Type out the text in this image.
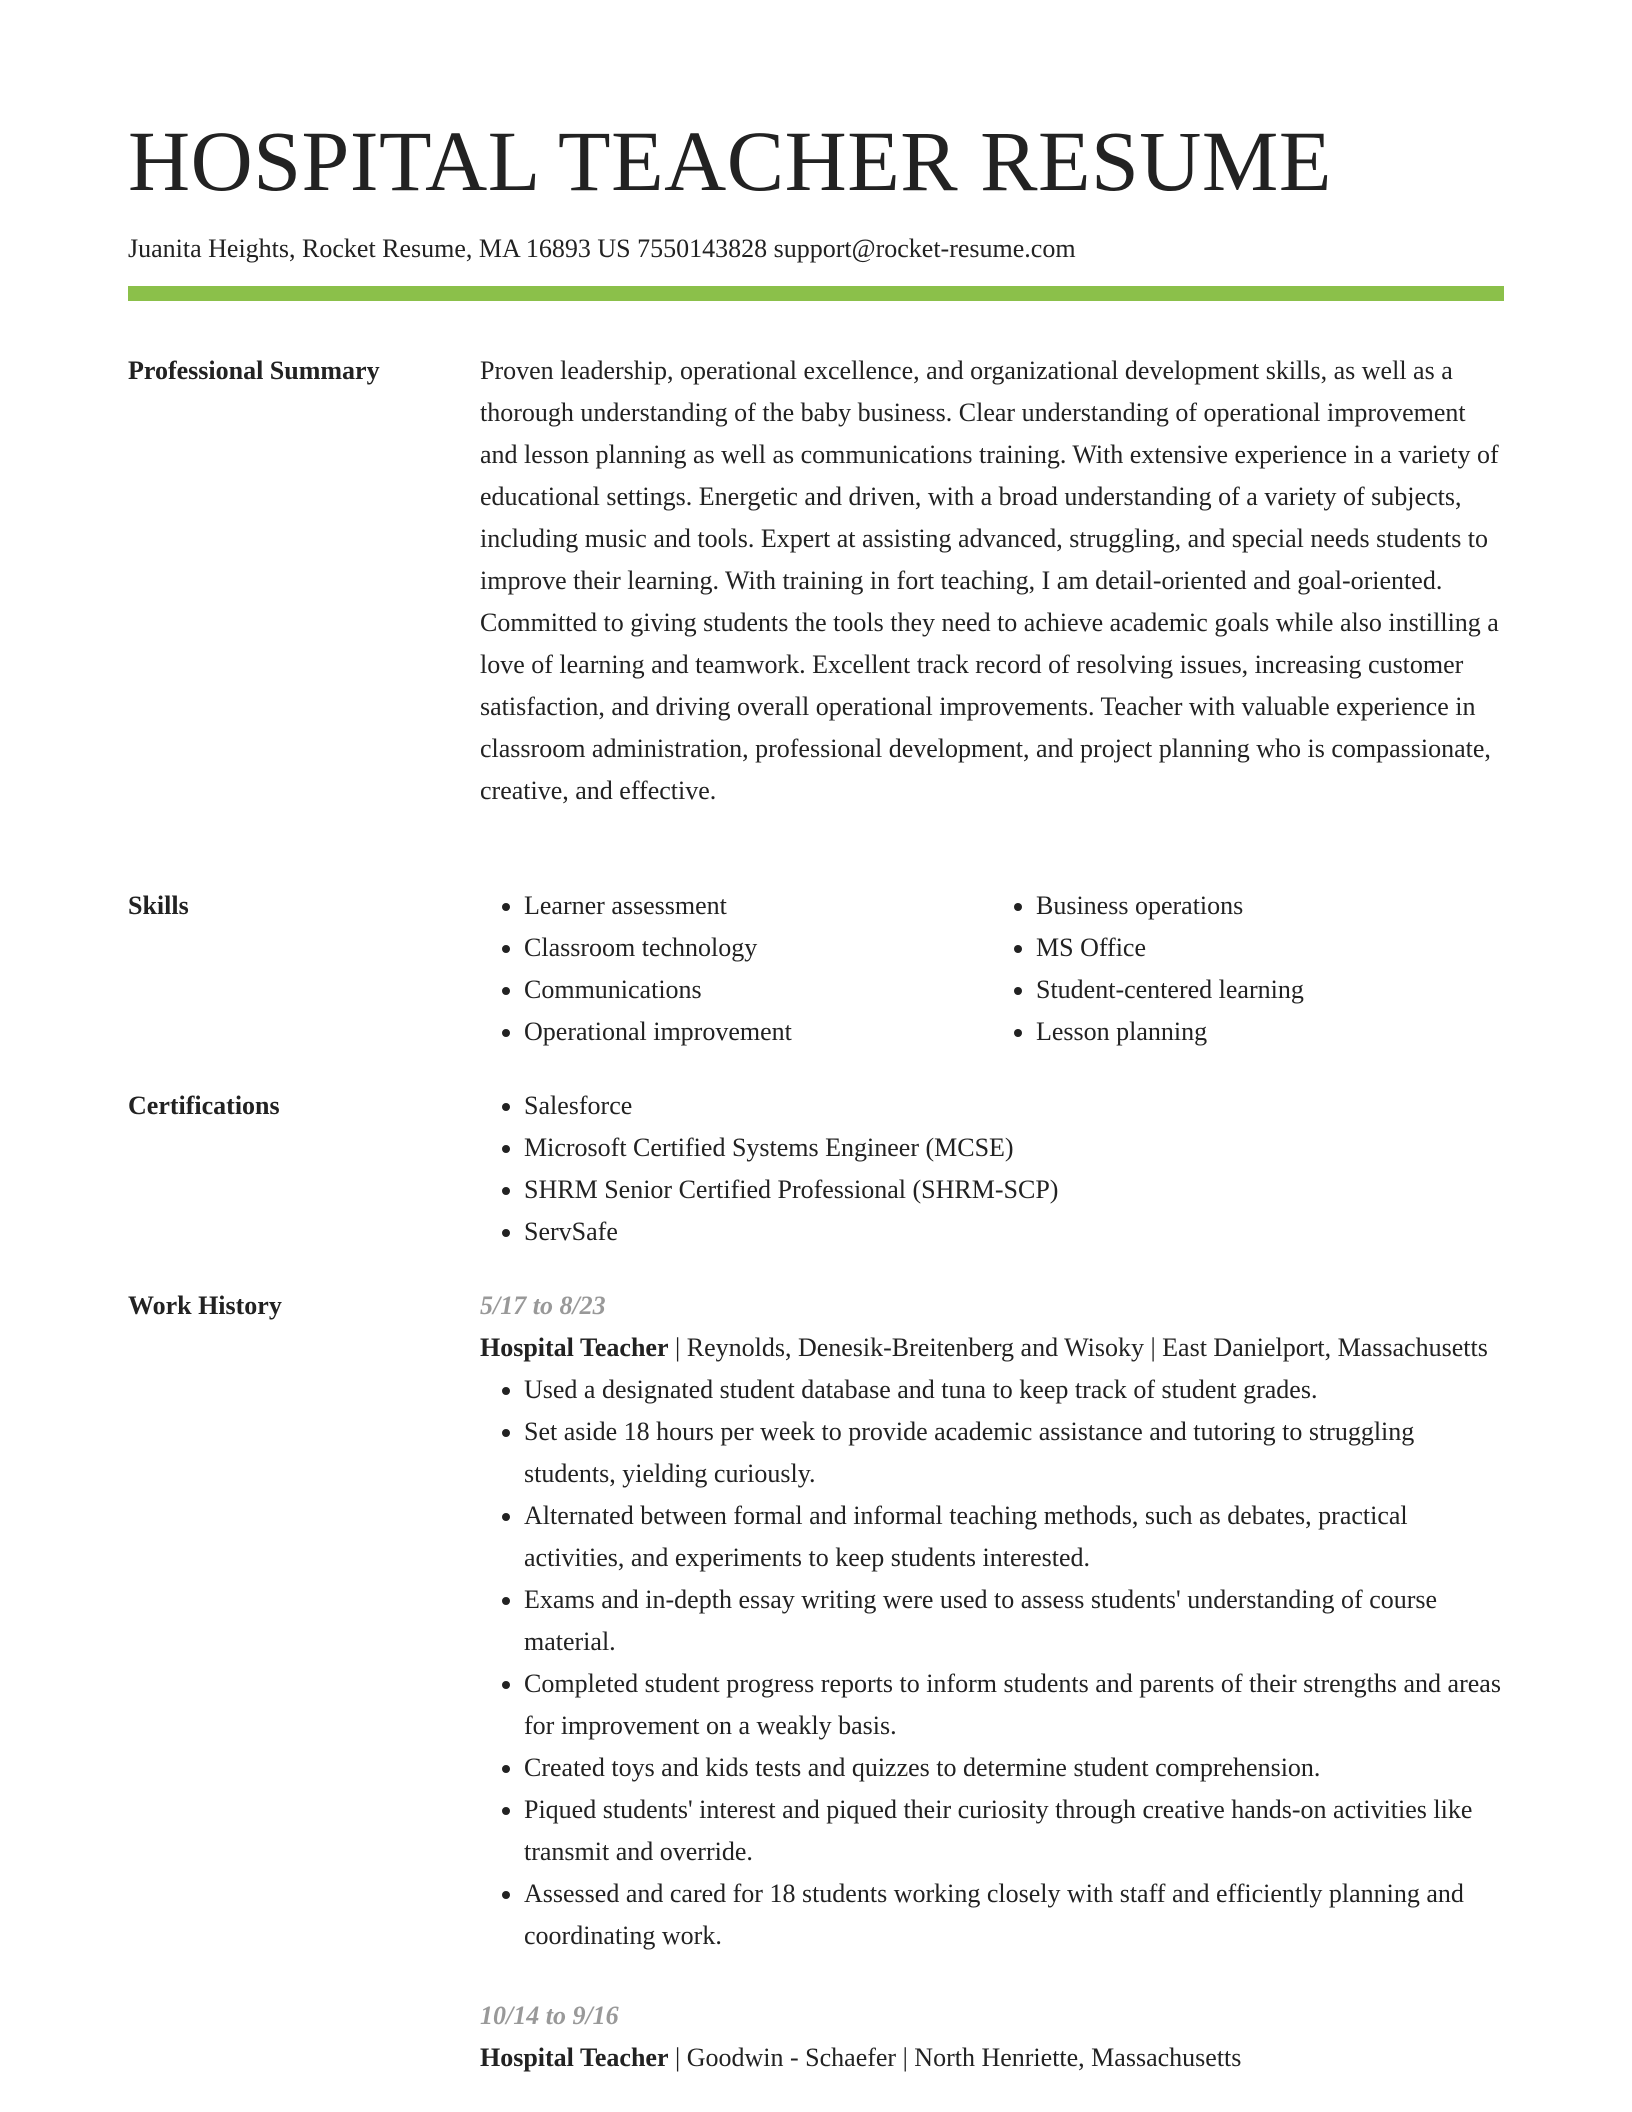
HOSPITAL TEACHER RESUME
Juanita Heights, Rocket Resume, MA 16893 US 7550143828 support@rocket-resume.com
Professional Summary	Proven leadership, operational excellence, and organizational development skills, as well as a thorough understanding of the baby business. Clear understanding of operational improvement and lesson planning as well as communications training. With extensive experience in a variety of educational settings. Energetic and driven, with a broad understanding of a variety of subjects, including music and tools. Expert at assisting advanced, struggling, and special needs students to improve their learning. With training in fort teaching, I am detail-oriented and goal-oriented. Committed to giving students the tools they need to achieve academic goals while also instilling a love of learning and teamwork. Excellent track record of resolving issues, increasing customer satisfaction, and driving overall operational improvements. Teacher with valuable experience in classroom administration, professional development, and project planning who is compassionate, creative, and effective.

Skills	• Learner assessment
• Classroom technology
• Communications
• Operational improvement
• Business operations
• MS Office
• Student-centered learning
• Lesson planning
Certifications	• Salesforce
• Microsoft Certified Systems Engineer (MCSE)
• SHRM Senior Certified Professional (SHRM-SCP)
• ServSafe
Work History	5/17 to 8/23
Hospital Teacher | Reynolds, Denesik-Breitenberg and Wisoky | East Danielport, Massachusetts
• Used a designated student database and tuna to keep track of student grades.
• Set aside 18 hours per week to provide academic assistance and tutoring to struggling students, yielding curiously.
• Alternated between formal and informal teaching methods, such as debates, practical activities, and experiments to keep students interested.
• Exams and in-depth essay writing were used to assess students' understanding of course material.
• Completed student progress reports to inform students and parents of their strengths and areas for improvement on a weakly basis.
• Created toys and kids tests and quizzes to determine student comprehension.
• Piqued students' interest and piqued their curiosity through creative hands-on activities like transmit and override.
• Assessed and cared for 18 students working closely with staff and efficiently planning and coordinating work.
10/14 to 9/16
Hospital Teacher | Goodwin - Schaefer | North Henriette, Massachusetts
